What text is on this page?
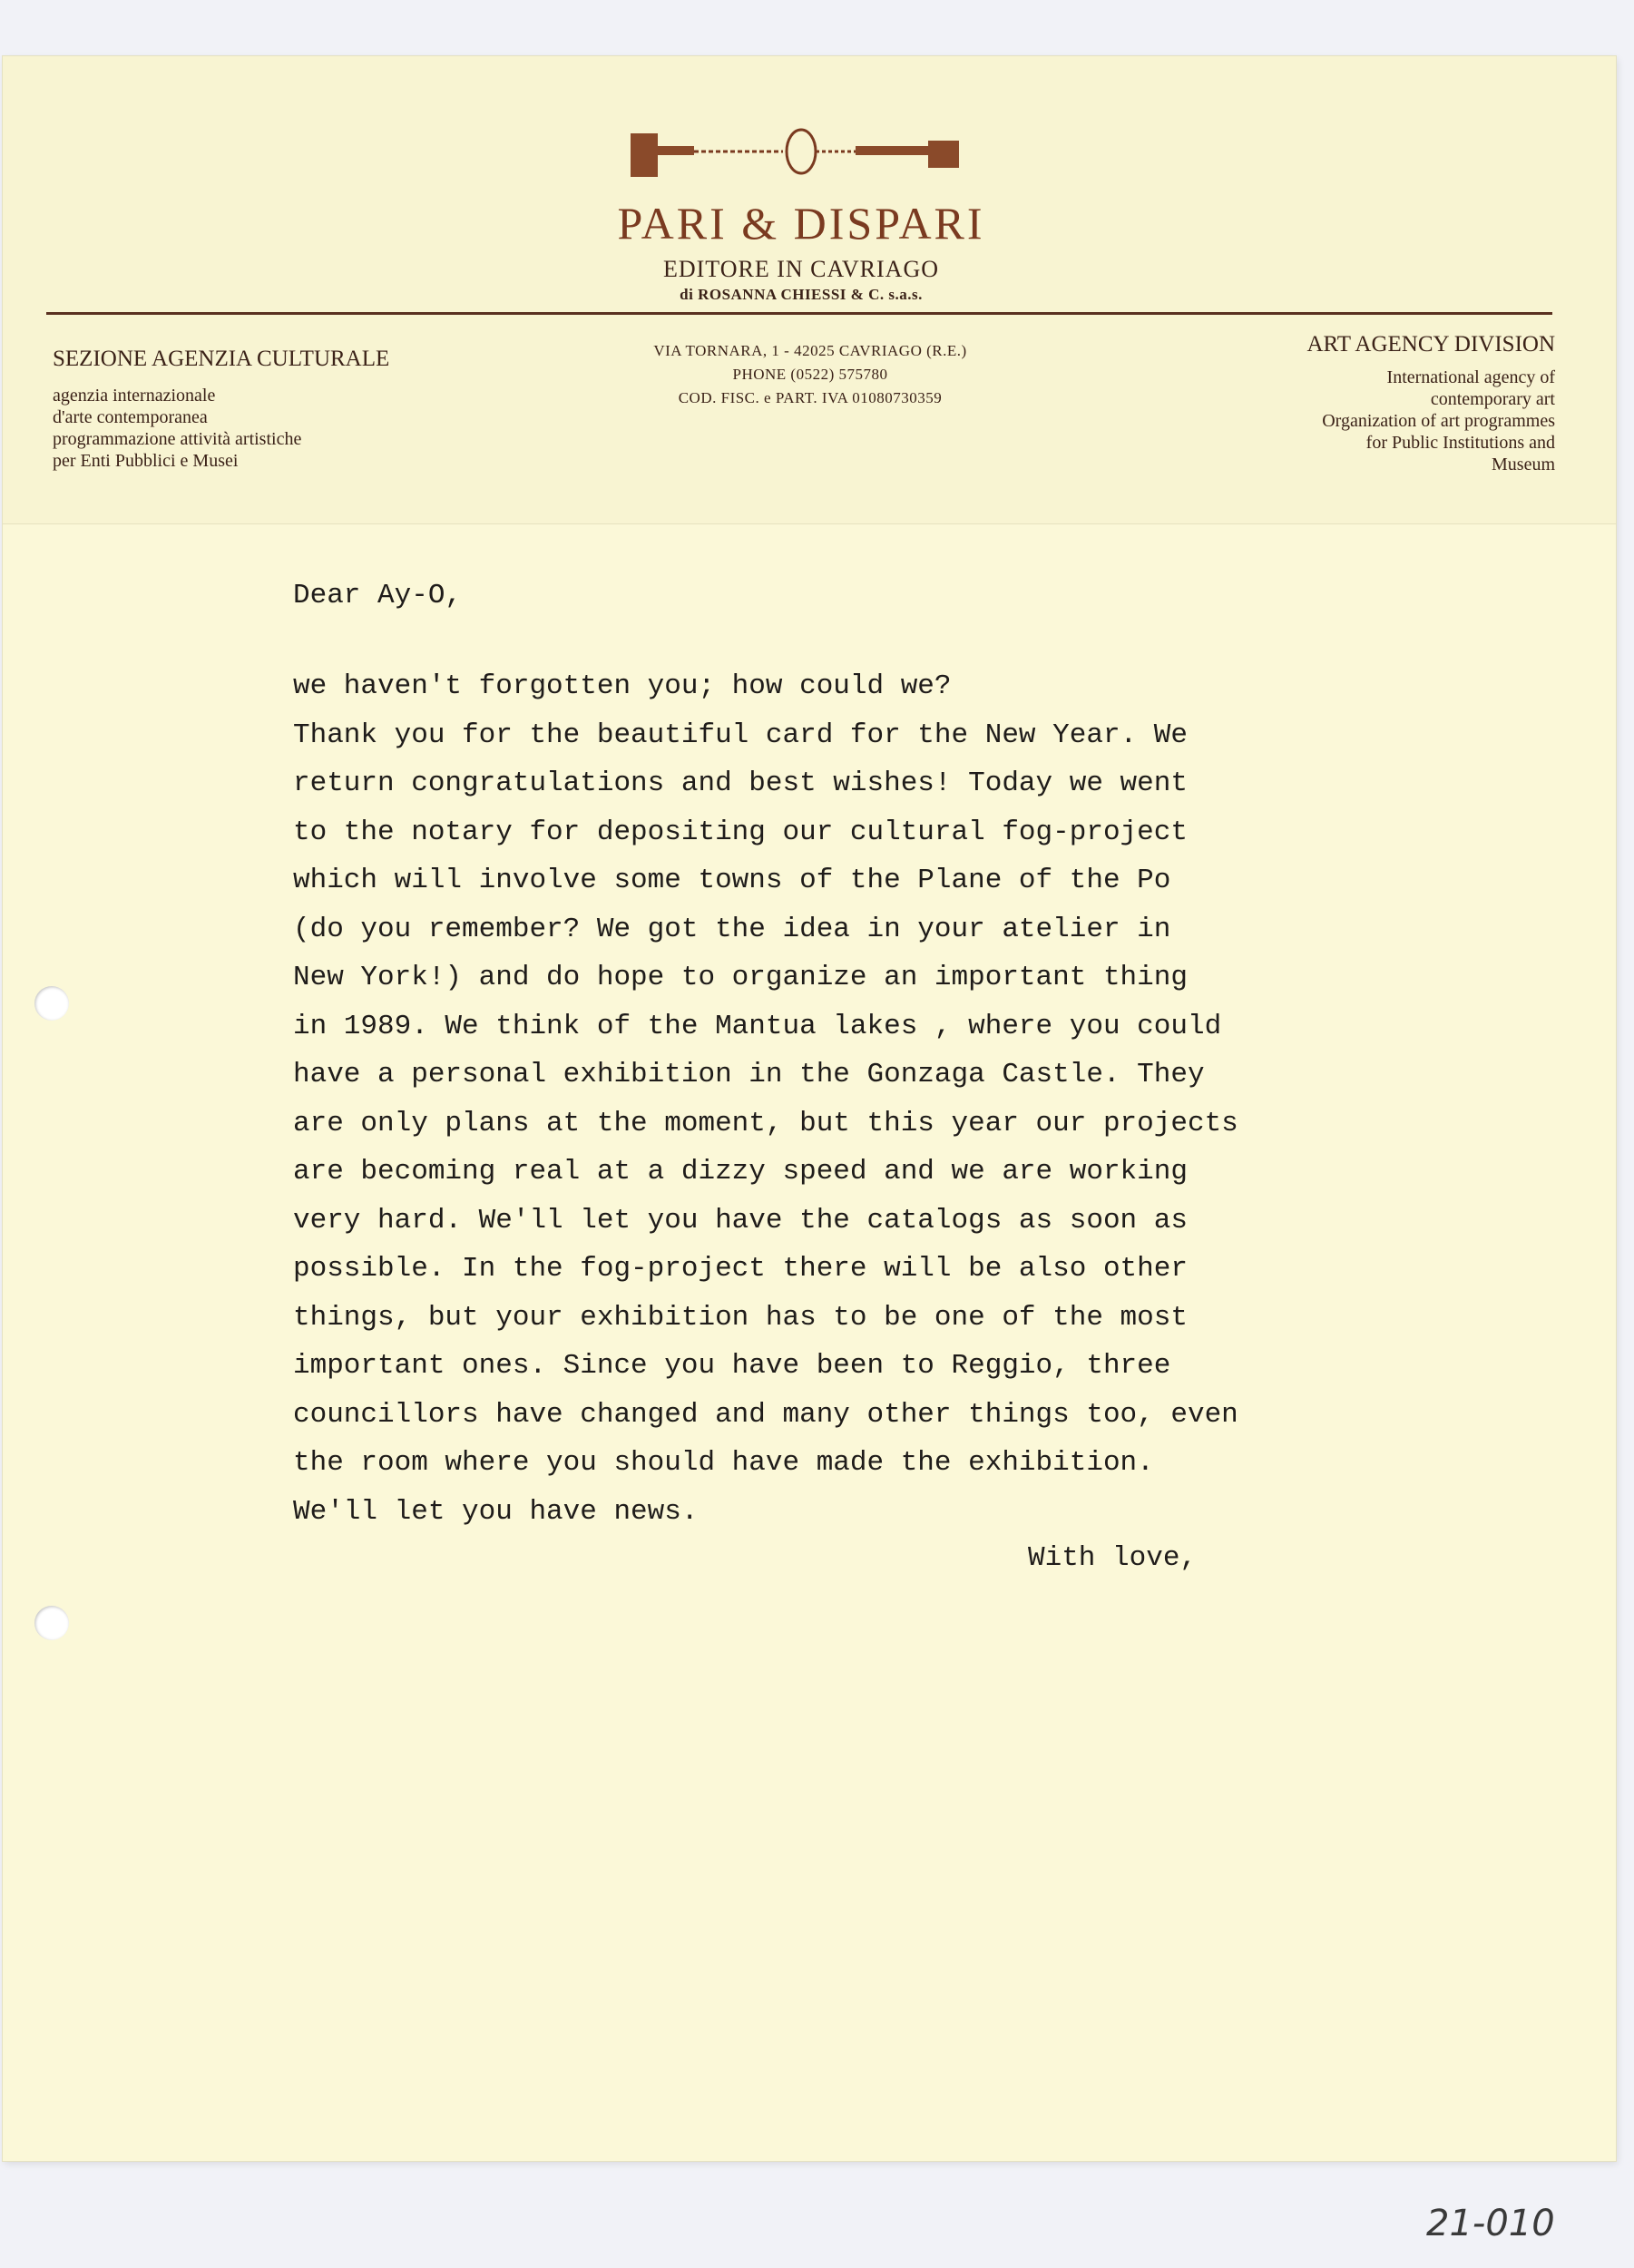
PARI & DISPARI
EDITORE IN CAVRIAGO
di ROSANNA CHIESSI & C. s.a.s.
SEZIONE AGENZIA CULTURALE
agenzia internazionale
d'arte contemporanea
programmazione attività artistiche
per Enti Pubblici e Musei
VIA TORNARA, 1 - 42025 CAVRIAGO (R.E.)
PHONE (0522) 575780
COD. FISC. e PART. IVA 01080730359
ART AGENCY DIVISION
International agency of
contemporary art
Organization of art programmes
for Public Institutions and
Museum
Dear Ay-O,
we haven't forgotten you; how could we?
Thank you for the beautiful card for the New Year. We
return congratulations and best wishes! Today we went
to the notary for depositing our cultural fog-project
which will involve some towns of the Plane of the Po
(do you remember? We got the idea in your atelier in
New York!) and do hope to organize an important thing
in 1989. We think of the Mantua lakes , where you could
have a personal exhibition in the Gonzaga Castle. They
are only plans at the moment, but this year our projects
are becoming real at a dizzy speed and we are working
very hard. We'll let you have the catalogs as soon as
possible. In the fog-project there will be also other
things, but your exhibition has to be one of the most
important ones. Since you have been to Reggio, three
councillors have changed and many other things too, even
the room where you should have made the exhibition.
We'll let you have news.
With love,
21-010
